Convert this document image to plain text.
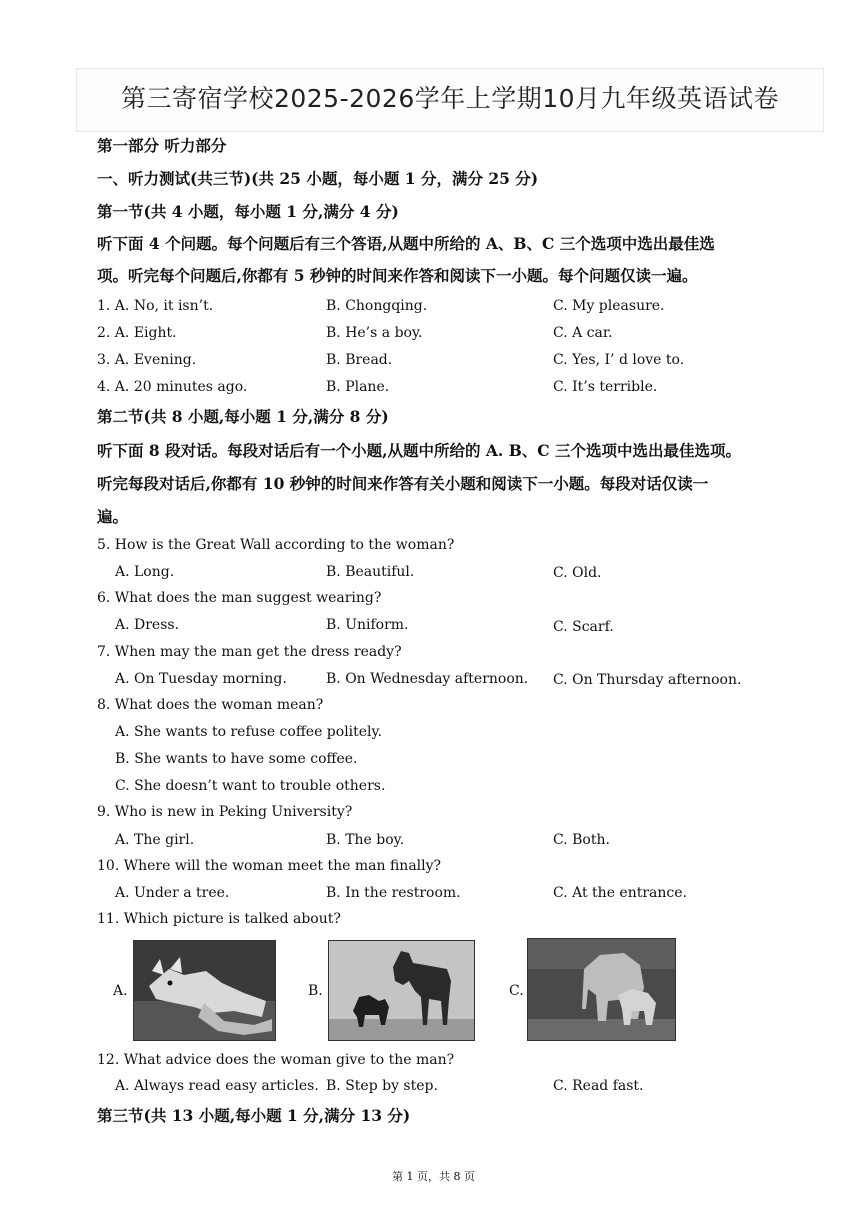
第三寄宿学校2025-2026学年上学期10月九年级英语试卷
第一部分 听力部分
一、听力测试(共三节)(共 25 小题，每小题 1 分，满分 25 分)
第一节(共 4 小题，每小题 1 分,满分 4 分)
听下面 4 个问题。每个问题后有三个答语,从题中所给的 A、B、C 三个选项中选出最佳选
项。听完每个问题后,你都有 5 秒钟的时间来作答和阅读下一小题。每个问题仅读一遍。
1. A. No, it isn’t.	B. Chongqing.	C. My pleasure.
2. A. Eight.	B. He’s a boy.	C. A car.
3. A. Evening.	B. Bread.	C. Yes, I’ d love to.
4. A. 20 minutes ago.	B. Plane.	C. It’s terrible.
第二节(共 8 小题,每小题 1 分,满分 8 分)
听下面 8 段对话。每段对话后有一个小题,从题中所给的 A. B、C 三个选项中选出最佳选项。
听完每段对话后,你都有 10 秒钟的时间来作答有关小题和阅读下一小题。每段对话仅读一
遍。
5. How is the Great Wall according to the woman?
A. Long.	B. Beautiful.	C. Old.
6. What does the man suggest wearing?
A. Dress.	B. Uniform.	C. Scarf.
7. When may the man get the dress ready?
A. On Tuesday morning.	B. On Wednesday afternoon. C. On Thursday afternoon.
8. What does the woman mean?
A. She wants to refuse coffee politely.
B. She wants to have some coffee.
C. She doesn’t want to trouble others.
9. Who is new in Peking University?
A. The girl.	B. The boy.	C. Both.
10. Where will the woman meet the man finally?
A. Under a tree.	B. In the restroom.	C. At the entrance.
11. Which picture is talked about?
A.	B.	C.
12. What advice does the woman give to the man?
A. Always read easy articles. B. Step by step.	C. Read fast.
第三节(共 13 小题,每小题 1 分,满分 13 分)
第 1 页，共 8 页
